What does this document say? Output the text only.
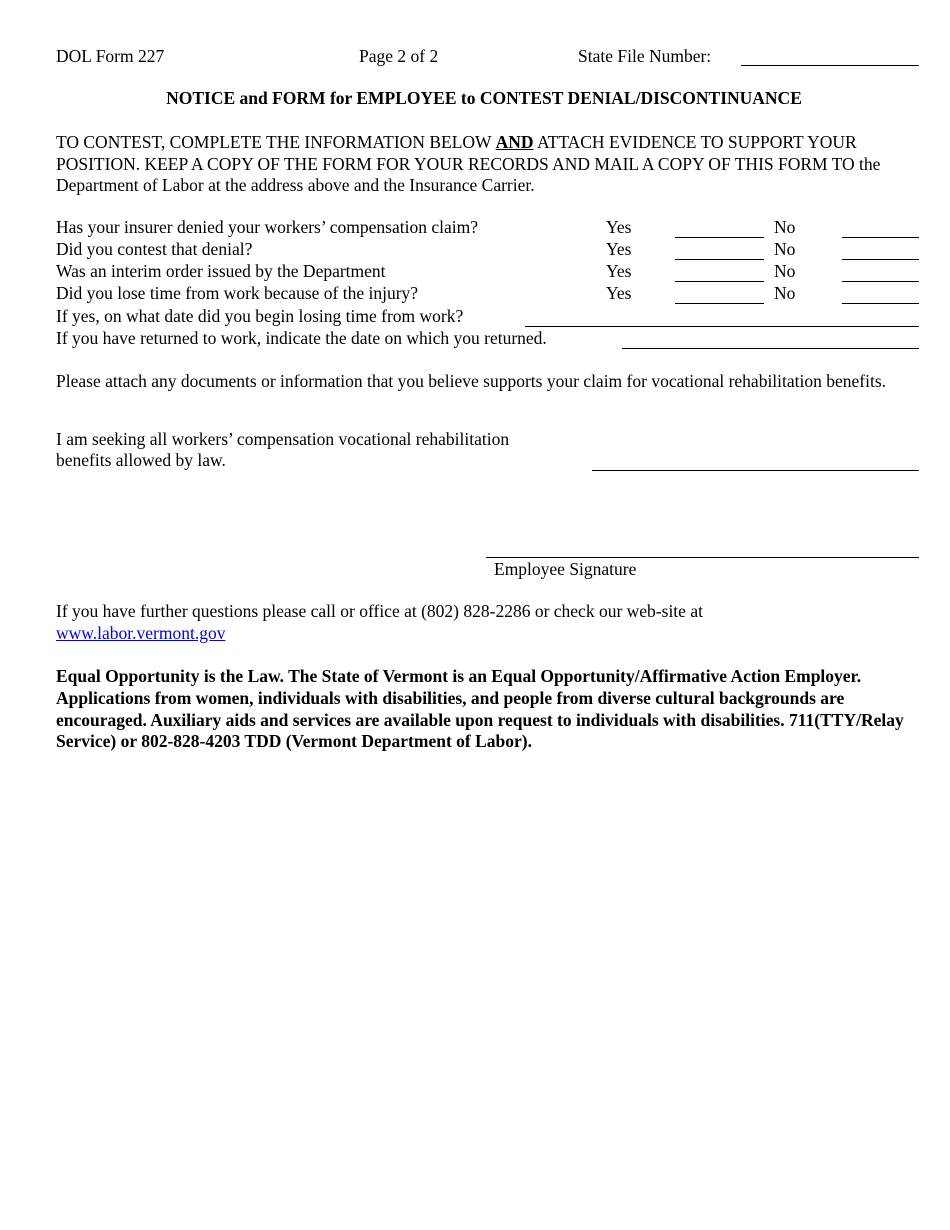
DOL Form 227	Page 2 of 2	State File Number:
NOTICE and FORM for EMPLOYEE to CONTEST DENIAL/DISCONTINUANCE
TO CONTEST, COMPLETE THE INFORMATION BELOW AND ATTACH EVIDENCE TO SUPPORT YOUR POSITION. KEEP A COPY OF THE FORM FOR YOUR RECORDS AND MAIL A COPY OF THIS FORM TO the Department of Labor at the address above and the Insurance Carrier.
Has your insurer denied your workers’ compensation claim?	Yes	No
Did you contest that denial?	Yes	No
Was an interim order issued by the Department	Yes	No
Did you lose time from work because of the injury?	Yes	No
If yes, on what date did you begin losing time from work?
If you have returned to work, indicate the date on which you returned.
Please attach any documents or information that you believe supports your claim for vocational rehabilitation benefits.
I am seeking all workers’ compensation vocational rehabilitation
benefits allowed by law.
Employee Signature
If you have further questions please call or office at (802) 828-2286 or check our web-site at
www.labor.vermont.gov
Equal Opportunity is the Law. The State of Vermont is an Equal Opportunity/Affirmative Action Employer. Applications from women, individuals with disabilities, and people from diverse cultural backgrounds are encouraged. Auxiliary aids and services are available upon request to individuals with disabilities. 711(TTY/Relay Service) or 802-828-4203 TDD (Vermont Department of Labor).
